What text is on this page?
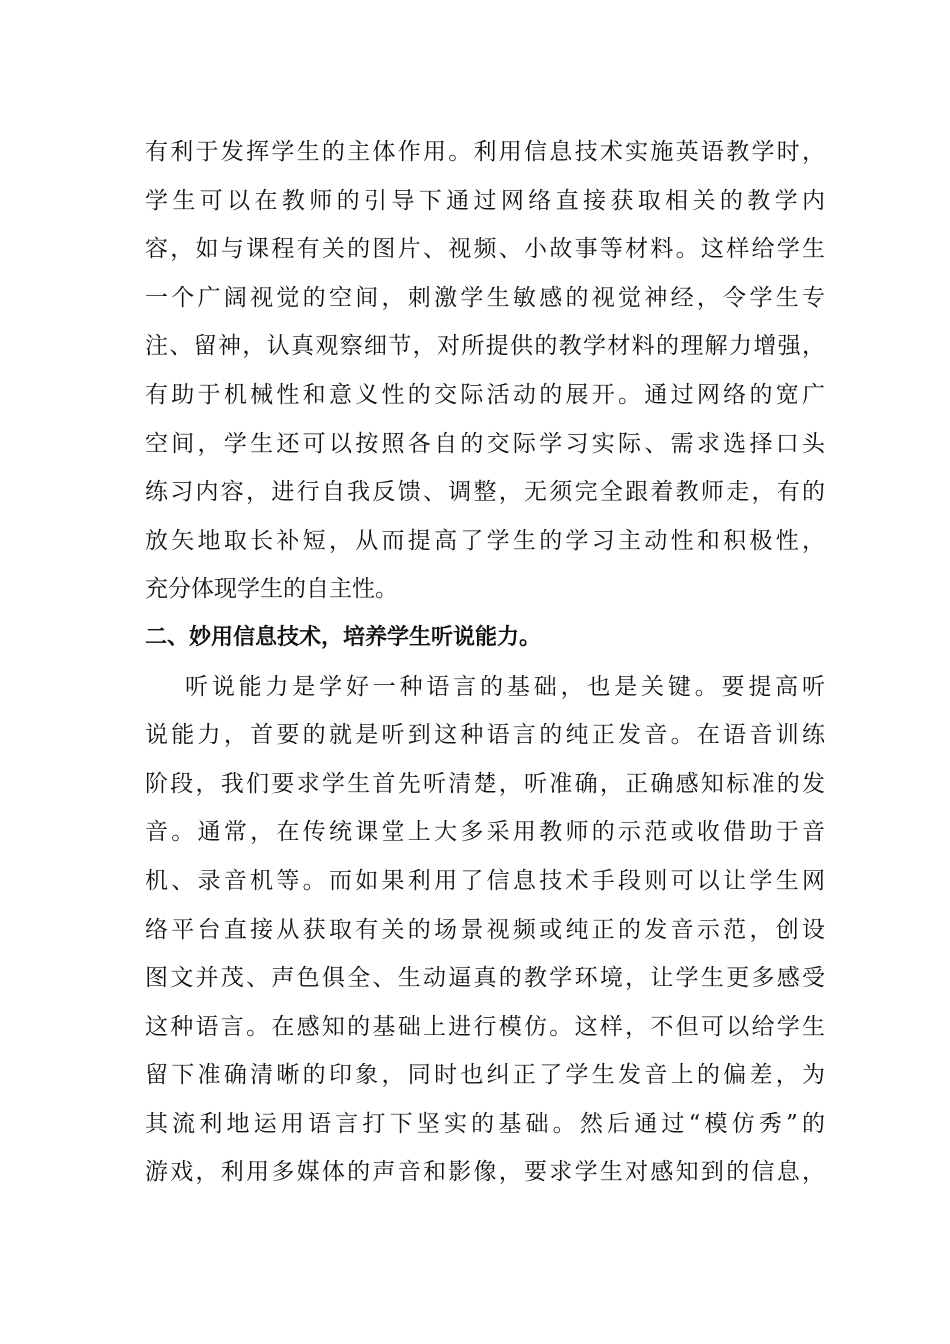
有利于发挥学生的主体作用。利用信息技术实施英语教学时，
学生可以在教师的引导下通过网络直接获取相关的教学内
容，如与课程有关的图片、视频、小故事等材料。这样给学生
一个广阔视觉的空间，刺激学生敏感的视觉神经，令学生专
注、留神，认真观察细节，对所提供的教学材料的理解力增强，
有助于机械性和意义性的交际活动的展开。通过网络的宽广
空间，学生还可以按照各自的交际学习实际、需求选择口头
练习内容，进行自我反馈、调整，无须完全跟着教师走，有的
放矢地取长补短，从而提高了学生的学习主动性和积极性，
充分体现学生的自主性。
二、妙用信息技术，培养学生听说能力。
听说能力是学好一种语言的基础，也是关键。要提高听
说能力，首要的就是听到这种语言的纯正发音。在语音训练
阶段，我们要求学生首先听清楚，听准确，正确感知标准的发
音。通常，在传统课堂上大多采用教师的示范或收借助于音
机、录音机等。而如果利用了信息技术手段则可以让学生网
络平台直接从获取有关的场景视频或纯正的发音示范，创设
图文并茂、声色俱全、生动逼真的教学环境，让学生更多感受
这种语言。在感知的基础上进行模仿。这样，不但可以给学生
留下准确清晰的印象，同时也纠正了学生发音上的偏差，为
其流利地运用语言打下坚实的基础。然后通过“模仿秀”的
游戏，利用多媒体的声音和影像，要求学生对感知到的信息，
